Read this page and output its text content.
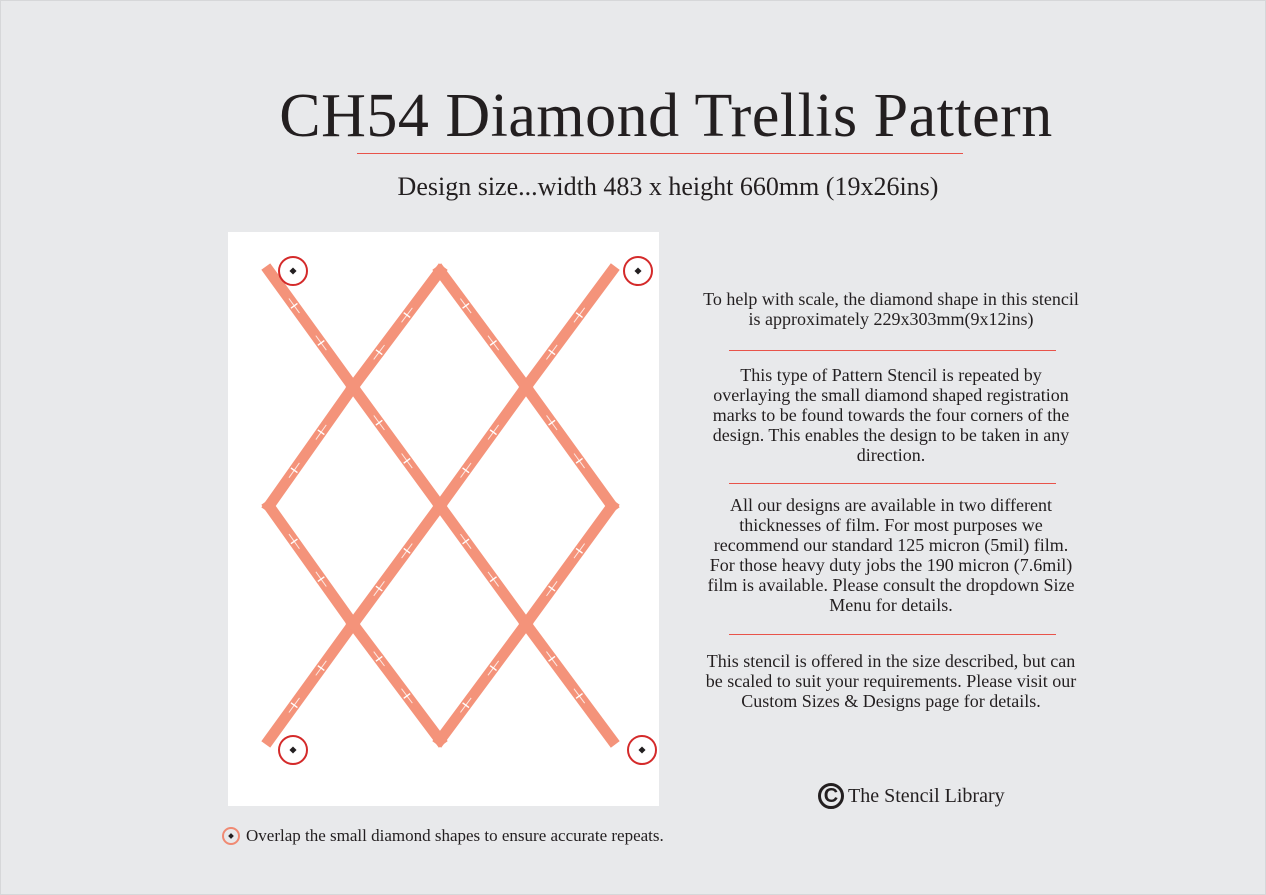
CH54 Diamond Trellis Pattern
Design size...width 483 x height 660mm (19x26ins)
To help with scale, the diamond shape in this stencil is approximately 229x303mm(9x12ins)
This type of Pattern Stencil is repeated by overlaying the small diamond shaped registration marks to be found towards the four corners of the design. This enables the design to be taken in any direction.
All our designs are available in two different thicknesses of film. For most purposes we recommend our standard 125 micron (5mil) film. For those heavy duty jobs the 190 micron (7.6mil) film is available. Please consult the dropdown Size Menu for details.
This stencil is offered in the size described, but can be scaled to suit your requirements. Please visit our Custom Sizes & Designs page for details.
C The Stencil Library
Overlap the small diamond shapes to ensure accurate repeats.
